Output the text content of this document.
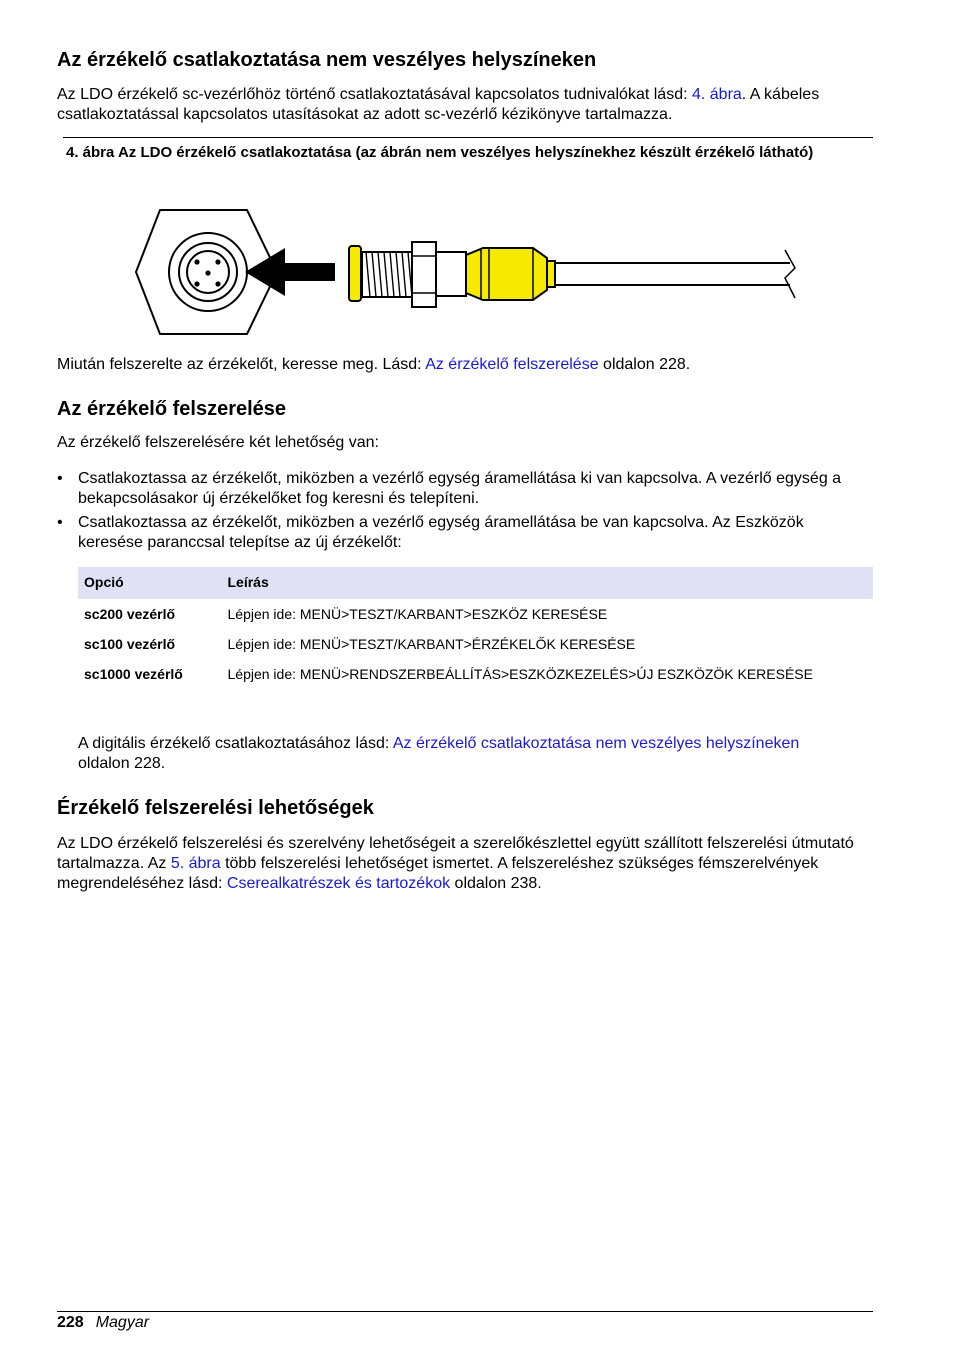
Az érzékelő csatlakoztatása nem veszélyes helyszíneken

Az LDO érzékelő sc-vezérlőhöz történő csatlakoztatásával kapcsolatos tudnivalókat lásd: 4. ábra. A kábeles csatlakoztatással kapcsolatos utasításokat az adott sc-vezérlő kézikönyve tartalmazza.

4. ábra Az LDO érzékelő csatlakoztatása (az ábrán nem veszélyes helyszínekhez készült érzékelő látható)

Miután felszerelte az érzékelőt, keresse meg. Lásd: Az érzékelő felszerelése oldalon 228.

Az érzékelő felszerelése

Az érzékelő felszerelésére két lehetőség van:

• Csatlakoztassa az érzékelőt, miközben a vezérlő egység áramellátása ki van kapcsolva. A vezérlő egység a bekapcsolásakor új érzékelőket fog keresni és telepíteni.
• Csatlakoztassa az érzékelőt, miközben a vezérlő egység áramellátása be van kapcsolva. Az Eszközök keresése paranccsal telepítse az új érzékelőt:
Opció	Leírás
sc200 vezérlő	Lépjen ide: MENÜ>TESZT/KARBANT>ESZKÖZ KERESÉSE
sc100 vezérlő	Lépjen ide: MENÜ>TESZT/KARBANT>ÉRZÉKELŐK KERESÉSE
sc1000 vezérlő	Lépjen ide: MENÜ>RENDSZERBEÁLLÍTÁS>ESZKÖZKEZELÉS>ÚJ ESZKÖZÖK KERESÉSE

A digitális érzékelő csatlakoztatásához lásd: Az érzékelő csatlakoztatása nem veszélyes helyszíneken oldalon 228.

Érzékelő felszerelési lehetőségek

Az LDO érzékelő felszerelési és szerelvény lehetőségeit a szerelőkészlettel együtt szállított felszerelési útmutató tartalmazza. Az 5. ábra több felszerelési lehetőséget ismertet. A felszereléshez szükséges fémszerelvények megrendeléséhez lásd: Cserealkatrészek és tartozékok oldalon 238.

228 Magyar
